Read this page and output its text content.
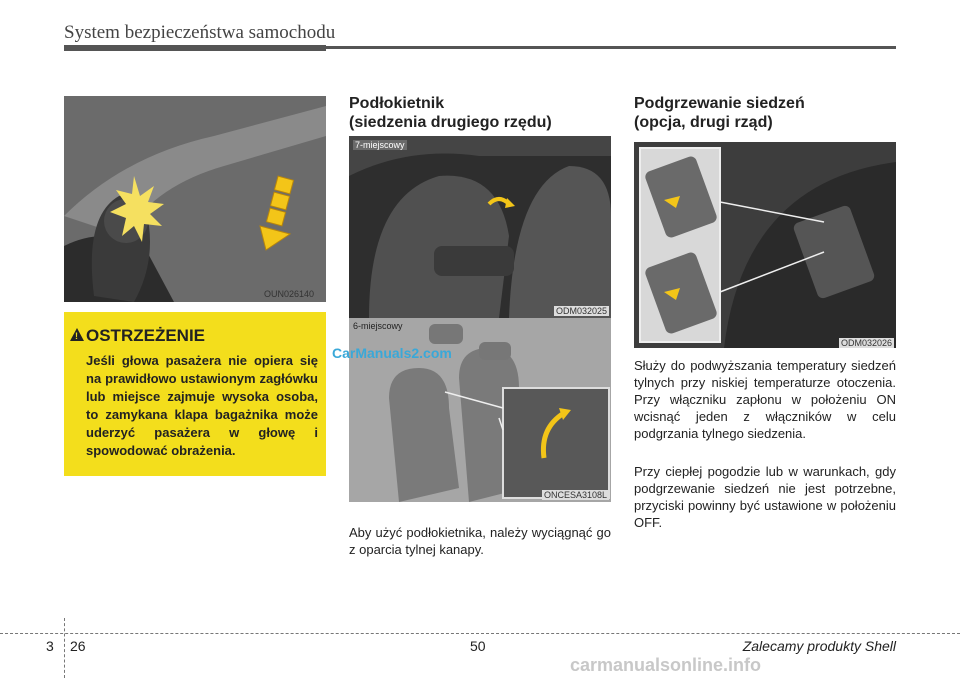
System bezpieczeństwa samochodu
OUN026140
! OSTRZEŻENIE
Jeśli głowa pasażera nie opiera się na prawidłowo ustawionym zagłówku lub miejsce zajmuje wysoka osoba, to zamykana klapa bagażnika może uderzyć pasażera w głowę i spowodować obrażenia.
Podłokietnik
(siedzenia drugiego rzędu)
7-miejscowy
ODM032025
6-miejscowy
ONCESA3108L
Aby użyć podłokietnika, należy wyciągnąć go z oparcia tylnej kanapy.
Podgrzewanie siedzeń
(opcja, drugi rząd)
ODM032026
Służy do podwyższania temperatury siedzeń tylnych przy niskiej temperaturze otoczenia. Przy włączniku zapłonu w położeniu ON wcisnąć jeden z włączników w celu podgrzania tylnego siedzenia.
Przy ciepłej pogodzie lub w warunkach, gdy podgrzewanie siedzeń nie jest potrzebne, przyciski powinny być ustawione w położeniu OFF.
3 26	50	Zalecamy produkty Shell
CarManuals2.com
carmanualsonline.info
